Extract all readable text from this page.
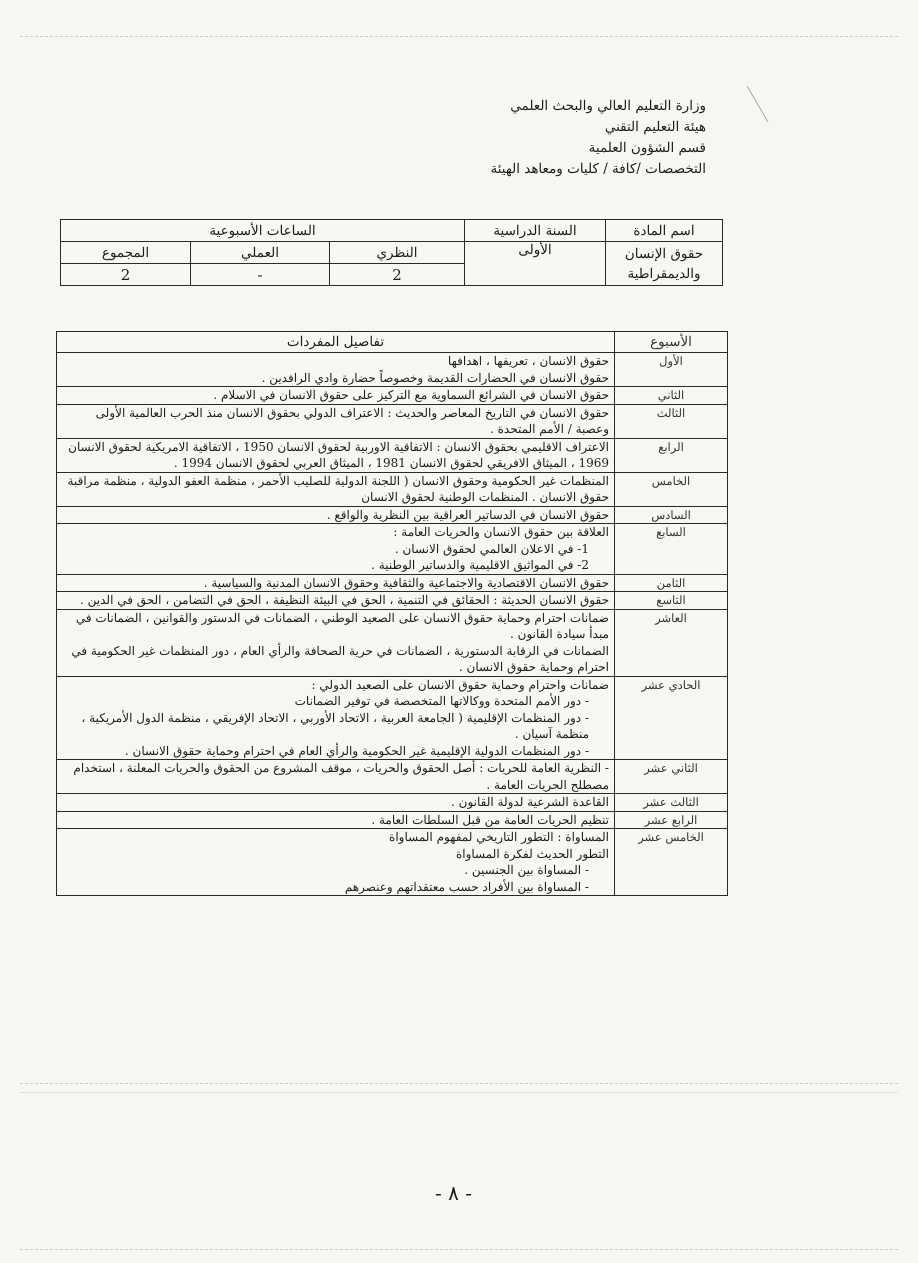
وزارة التعليم العالي والبحث العلمي
هيئة التعليم التقني
قسم الشؤون العلمية
التخصصات /كافة / كليات ومعاهد الهيئة
اسم المادة	السنة الدراسية	الساعات الأسبوعية		
حقوق الإنسان والديمقراطية	الأولى	النظري	العملي	المجموع
		2	-	2
الأسبوع	تفاصيل المفردات
الأول	حقوق الانسان ، تعريفها ، اهدافها
حقوق الانسان في الحضارات القديمة وخصوصاً حضارة وادي الرافدين .

الثاني	حقوق الانسان في الشرائع السماوية مع التركيز على حقوق الانسان في الاسلام .

الثالث	حقوق الانسان في التاريخ المعاصر والحديث : الاعتراف الدولي بحقوق الانسان منذ الحرب العالمية الأولى وعصبة / الأمم المتحدة .

الرابع	الاعتراف الاقليمي بحقوق الانسان : الاتفاقية الاوربية لحقوق الانسان 1950 ، الاتفاقية الامريكية لحقوق الانسان 1969 ، الميثاق الافريقي لحقوق الانسان 1981 ، الميثاق العربي لحقوق الانسان 1994 .

الخامس	المنظمات غير الحكومية وحقوق الانسان ( اللجنة الدولية للصليب الأحمر ، منظمة العفو الدولية ، منظمة مراقبة حقوق الانسان . المنظمات الوطنية لحقوق الانسان

السادس	حقوق الانسان في الدساتير العراقية بين النظرية والواقع .

السابع	العلاقة بين حقوق الانسان والحريات العامة :
1- في الاعلان العالمي لحقوق الانسان .
2- في المواثيق الاقليمية والدساتير الوطنية .

الثامن	حقوق الانسان الاقتصادية والاجتماعية والثقافية وحقوق الانسان المدنية والسياسية .

التاسع	حقوق الانسان الحديثة : الحقائق في التنمية ، الحق في البيئة النظيفة ، الحق في التضامن ، الحق في الدين .

العاشر	ضمانات احترام وحماية حقوق الانسان على الصعيد الوطني ، الضمانات في الدستور والقوانين ، الضمانات في مبدأ سيادة القانون .
الضمانات في الرقابة الدستورية ، الضمانات في حرية الصحافة والرأي العام ، دور المنظمات غير الحكومية في احترام وحماية حقوق الانسان .

الحادي عشر	ضمانات واحترام وحماية حقوق الانسان على الصعيد الدولي :
- دور الأمم المتحدة ووكالاتها المتخصصة في توفير الضمانات
- دور المنظمات الإقليمية ( الجامعة العربية ، الاتحاد الأوربي ، الاتحاد الإفريقي ، منظمة الدول الأمريكية ، منظمة آسيان .
- دور المنظمات الدولية الإقليمية غير الحكومية والرأي العام في احترام وحماية حقوق الانسان .

الثاني عشر	- النظرية العامة للحريات : أصل الحقوق والحريات ، موقف المشروع من الحقوق والحريات المعلنة ، استخدام مصطلح الحريات العامة .

الثالث عشر	القاعدة الشرعية لدولة القانون .

الرابع عشر	تنظيم الحريات العامة من قبل السلطات العامة .

الخامس عشر	المساواة : التطور التاريخي لمفهوم المساواة
التطور الحديث لفكرة المساواة
- المساواة بين الجنسين .
- المساواة بين الأفراد حسب معتقداتهم وعنصرهم
- ٨ -
